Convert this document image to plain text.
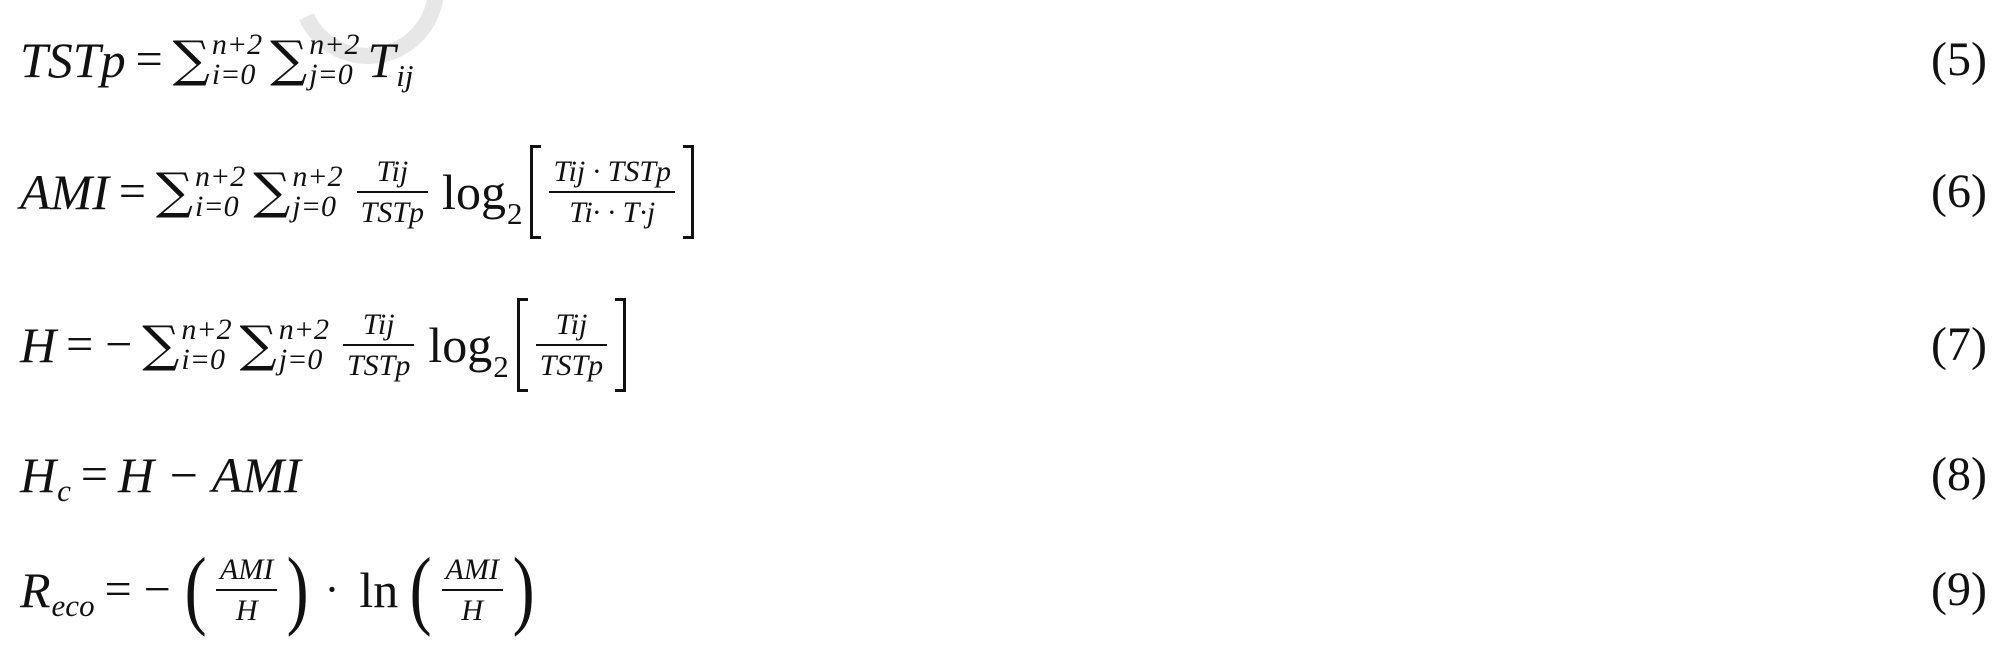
TSTp = ∑ n+2
i=0 ∑ n+2
j=0 T ij	(5)
AMI = ∑ n+2
i=0 ∑ n+2
$j=0 \frac{\text{Tij}}{\text{TSTp}} \log_2 \frac{\text{Tij · TSTp}}{Ti\cdot \cdot T\cdot j}$	(6)
H = − ∑ n+2
i=0 ∑ n+2
$j=0 \frac{\text{Tij}}{\text{TSTp}} \log_2 \frac{\text{Tij}}{\text{TSTp}}$	(7)
H c = H − AMI	(8)
R eco = − ( $\frac{\text{AMI}}{H}$ ) · ln ( $\frac{\text{AMI}}{H}$ )	(9)
